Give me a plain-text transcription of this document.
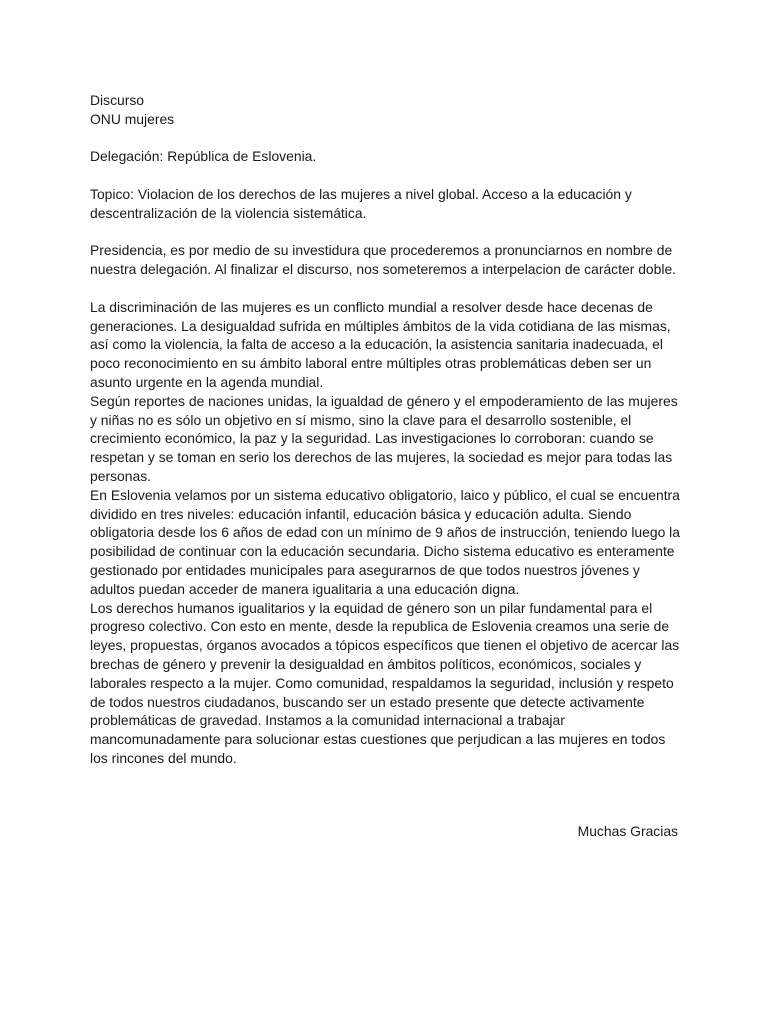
Discurso

ONU mujeres

Delegación: República de Eslovenia.

Topico: Violacion de los derechos de las mujeres a nivel global. Acceso a la educación y descentralización de la violencia sistemática.

Presidencia, es por medio de su investidura que procederemos a pronunciarnos en nombre de nuestra delegación. Al finalizar el discurso, nos someteremos a interpelacion de carácter doble.

La discriminación de las mujeres es un conflicto mundial a resolver desde hace decenas de generaciones. La desigualdad sufrida en múltiples ámbitos de la vida cotidiana de las mismas, así como la violencia, la falta de acceso a la educación, la asistencia sanitaria inadecuada, el poco reconocimiento en su ámbito laboral entre múltiples otras problemáticas deben ser un asunto urgente en la agenda mundial.

Según reportes de naciones unidas, la igualdad de género y el empoderamiento de las mujeres y niñas no es sólo un objetivo en sí mismo, sino la clave para el desarrollo sostenible, el crecimiento económico, la paz y la seguridad. Las investigaciones lo corroboran: cuando se respetan y se toman en serio los derechos de las mujeres, la sociedad es mejor para todas las personas.

En Eslovenia velamos por un sistema educativo obligatorio, laico y público, el cual se encuentra dividido en tres niveles: educación infantil, educación básica y educación adulta. Siendo obligatoria desde los 6 años de edad con un mínimo de 9 años de instrucción, teniendo luego la posibilidad de continuar con la educación secundaria. Dicho sistema educativo es enteramente gestionado por entidades municipales para asegurarnos de que todos nuestros jóvenes y adultos puedan acceder de manera igualitaria a una educación digna.

Los derechos humanos igualitarios y la equidad de género son un pilar fundamental para el progreso colectivo. Con esto en mente, desde la republica de Eslovenia creamos una serie de leyes, propuestas, órganos avocados a tópicos específicos que tienen el objetivo de acercar las brechas de género y prevenir la desigualdad en ámbitos políticos, económicos, sociales y laborales respecto a la mujer. Como comunidad, respaldamos la seguridad, inclusión y respeto de todos nuestros ciudadanos, buscando ser un estado presente que detecte activamente problemáticas de gravedad. Instamos a la comunidad internacional a trabajar mancomunadamente para solucionar estas cuestiones que perjudican a las mujeres en todos los rincones del mundo.

Muchas Gracias
